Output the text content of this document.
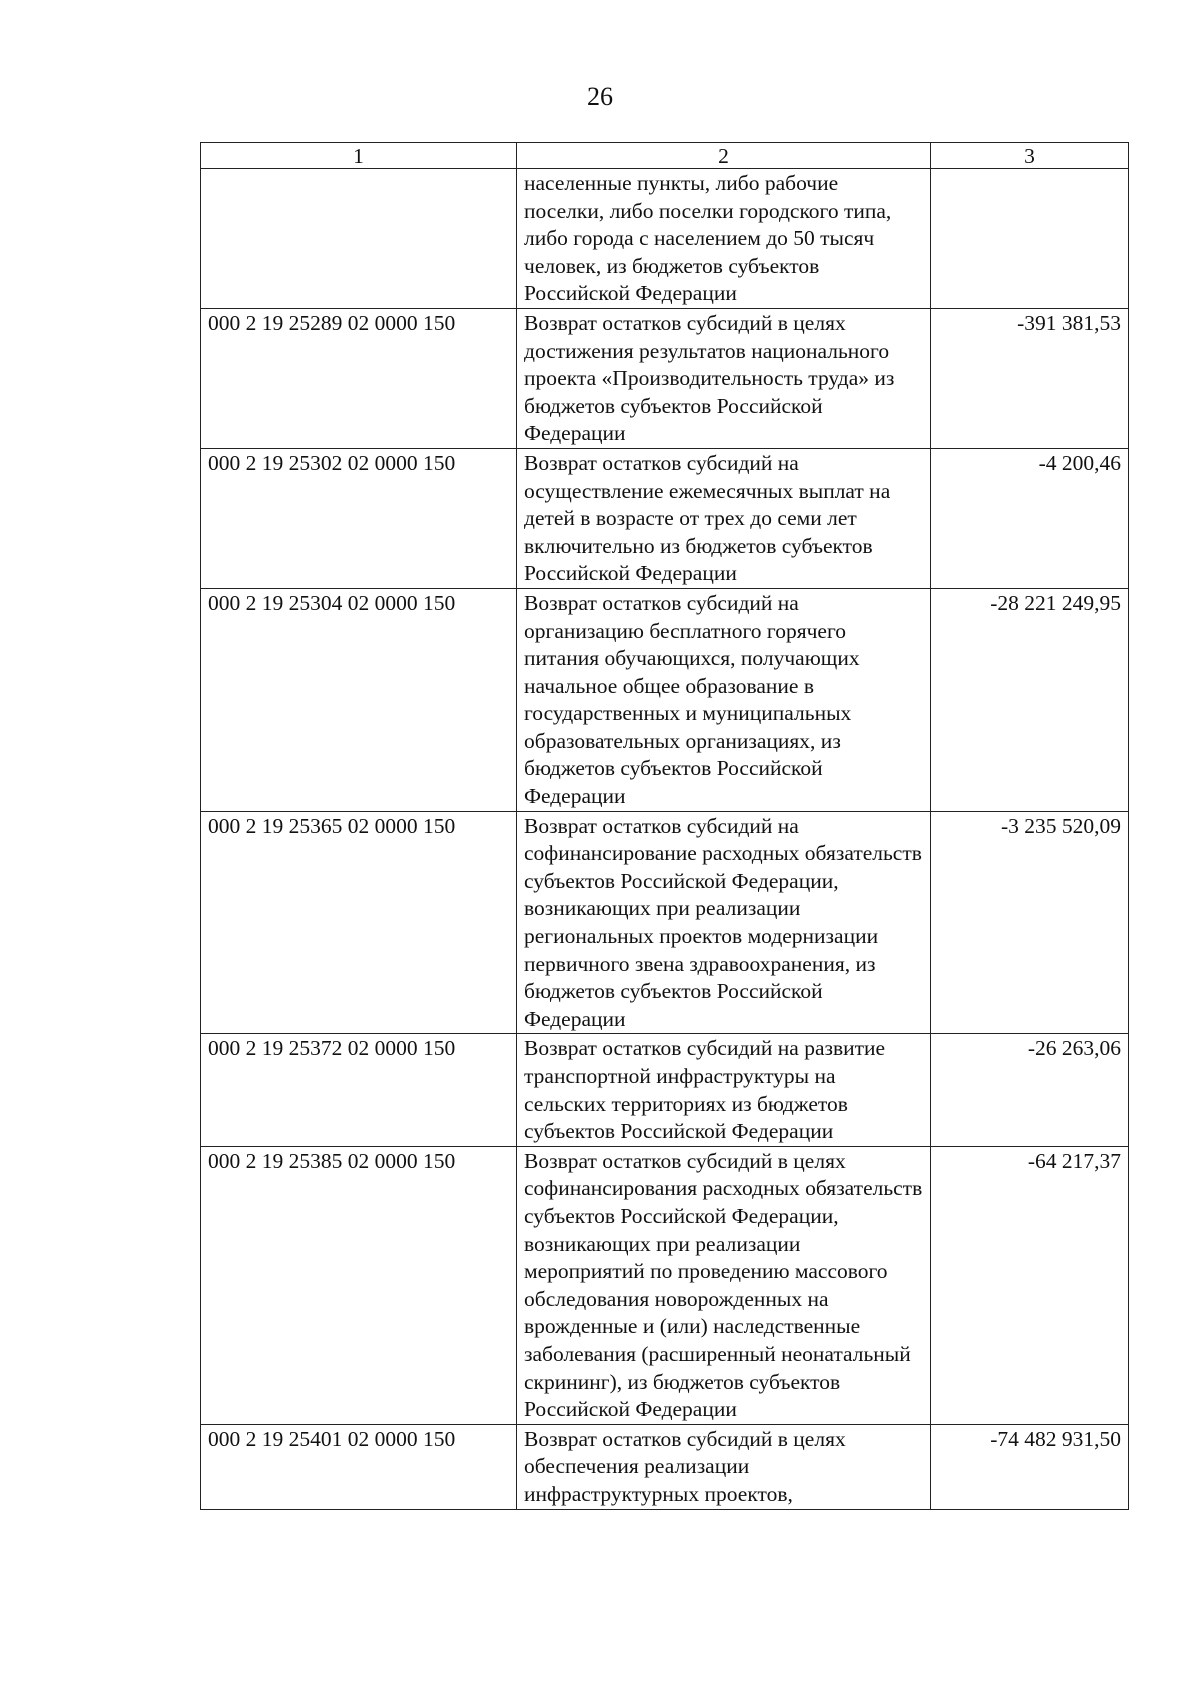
26
1	2	3
	населенные пункты, либо рабочие поселки, либо поселки городского типа, либо города с населением до 50 тысяч человек, из бюджетов субъектов Российской Федерации	
000 2 19 25289 02 0000 150	Возврат остатков субсидий в целях достижения результатов национального проекта «Производительность труда» из бюджетов субъектов Российской Федерации	-391 381,53
000 2 19 25302 02 0000 150	Возврат остатков субсидий на осуществление ежемесячных выплат на детей в возрасте от трех до семи лет включительно из бюджетов субъектов Российской Федерации	-4 200,46
000 2 19 25304 02 0000 150	Возврат остатков субсидий на организацию бесплатного горячего питания обучающихся, получающих начальное общее образование в государственных и муниципальных образовательных организациях, из бюджетов субъектов Российской Федерации	-28 221 249,95
000 2 19 25365 02 0000 150	Возврат остатков субсидий на софинансирование расходных обязательств субъектов Российской Федерации, возникающих при реализации региональных проектов модернизации первичного звена здравоохранения, из бюджетов субъектов Российской Федерации	-3 235 520,09
000 2 19 25372 02 0000 150	Возврат остатков субсидий на развитие транспортной инфраструктуры на сельских территориях из бюджетов субъектов Российской Федерации	-26 263,06
000 2 19 25385 02 0000 150	Возврат остатков субсидий в целях софинансирования расходных обязательств субъектов Российской Федерации, возникающих при реализации мероприятий по проведению массового обследования новорожденных на врожденные и (или) наследственные заболевания (расширенный неонатальный скрининг), из бюджетов субъектов Российской Федерации	-64 217,37
000 2 19 25401 02 0000 150	Возврат остатков субсидий в целях обеспечения реализации инфраструктурных проектов,	-74 482 931,50
